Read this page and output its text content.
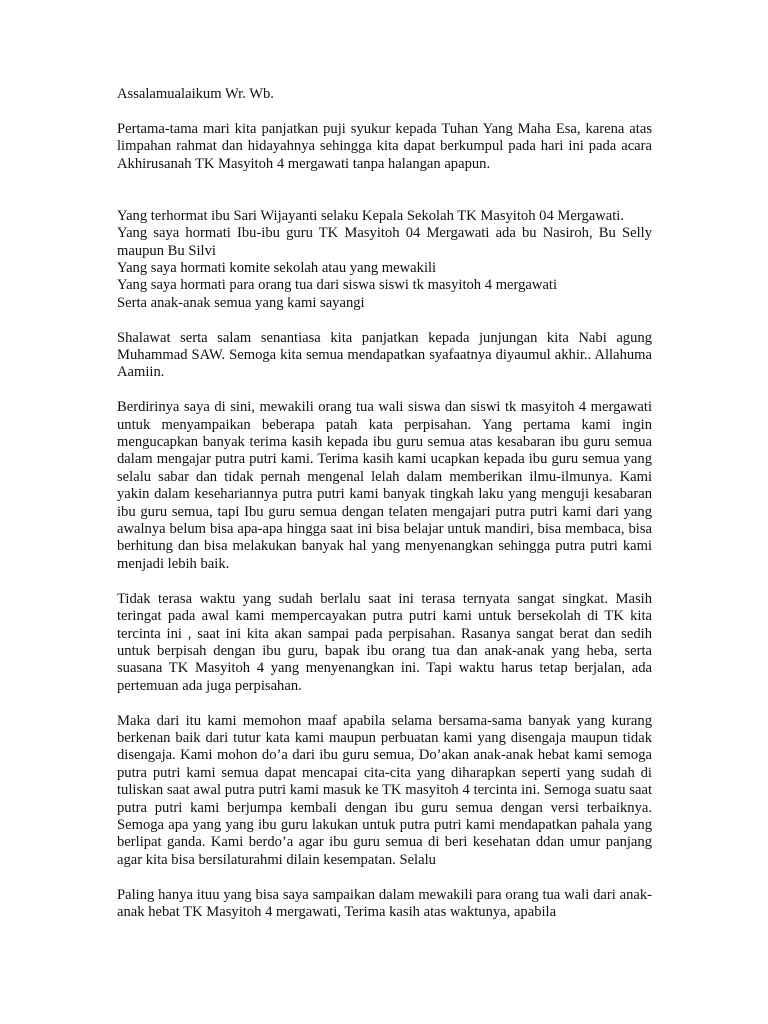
Assalamualaikum Wr. Wb.

Pertama-tama mari kita panjatkan puji syukur kepada Tuhan Yang Maha Esa, karena atas limpahan rahmat dan hidayahnya sehingga kita dapat berkumpul pada hari ini pada acara Akhirusanah TK Masyitoh 4 mergawati tanpa halangan apapun.

Yang terhormat ibu Sari Wijayanti selaku Kepala Sekolah TK Masyitoh 04 Mergawati.
Yang saya hormati Ibu-ibu guru TK Masyitoh 04 Mergawati ada bu Nasiroh, Bu Selly maupun Bu Silvi
Yang saya hormati komite sekolah atau yang mewakili
Yang saya hormati para orang tua dari siswa siswi tk masyitoh 4 mergawati
Serta anak-anak semua yang kami sayangi

Shalawat serta salam senantiasa kita panjatkan kepada junjungan kita Nabi agung Muhammad SAW. Semoga kita semua mendapatkan syafaatnya diyaumul akhir.. Allahuma Aamiin.

Berdirinya saya di sini, mewakili orang tua wali siswa dan siswi tk masyitoh 4 mergawati untuk menyampaikan beberapa patah kata perpisahan. Yang pertama kami ingin mengucapkan banyak terima kasih kepada ibu guru semua atas kesabaran ibu guru semua dalam mengajar putra putri kami. Terima kasih kami ucapkan kepada ibu guru semua yang selalu sabar dan tidak pernah mengenal lelah dalam memberikan ilmu-ilmunya. Kami yakin dalam kesehariannya putra putri kami banyak tingkah laku yang menguji kesabaran ibu guru semua, tapi Ibu guru semua dengan telaten mengajari putra putri kami dari yang awalnya belum bisa apa-apa hingga saat ini bisa belajar untuk mandiri, bisa membaca, bisa berhitung dan bisa melakukan banyak hal yang menyenangkan sehingga putra putri kami menjadi lebih baik.

Tidak terasa waktu yang sudah berlalu saat ini terasa ternyata sangat singkat. Masih teringat pada awal kami mempercayakan putra putri kami untuk bersekolah di TK kita tercinta ini , saat ini kita akan sampai pada perpisahan. Rasanya sangat berat dan sedih untuk berpisah dengan ibu guru, bapak ibu orang tua dan anak-anak yang heba, serta suasana TK Masyitoh 4 yang menyenangkan ini. Tapi waktu harus tetap berjalan, ada pertemuan ada juga perpisahan.

Maka dari itu kami memohon maaf apabila selama bersama-sama banyak yang kurang berkenan baik dari tutur kata kami maupun perbuatan kami yang disengaja maupun tidak disengaja. Kami mohon do’a dari ibu guru semua, Do’akan anak-anak hebat kami semoga putra putri kami semua dapat mencapai cita-cita yang diharapkan seperti yang sudah di tuliskan saat awal putra putri kami masuk ke TK masyitoh 4 tercinta ini. Semoga suatu saat putra putri kami berjumpa kembali dengan ibu guru semua dengan versi terbaiknya. Semoga apa yang yang ibu guru lakukan untuk putra putri kami mendapatkan pahala yang berlipat ganda. Kami berdo’a agar ibu guru semua di beri kesehatan ddan umur panjang agar kita bisa bersilaturahmi dilain kesempatan. Selalu

Paling hanya ituu yang bisa saya sampaikan dalam mewakili para orang tua wali dari anak-anak hebat TK Masyitoh 4 mergawati, Terima kasih atas waktunya, apabila
